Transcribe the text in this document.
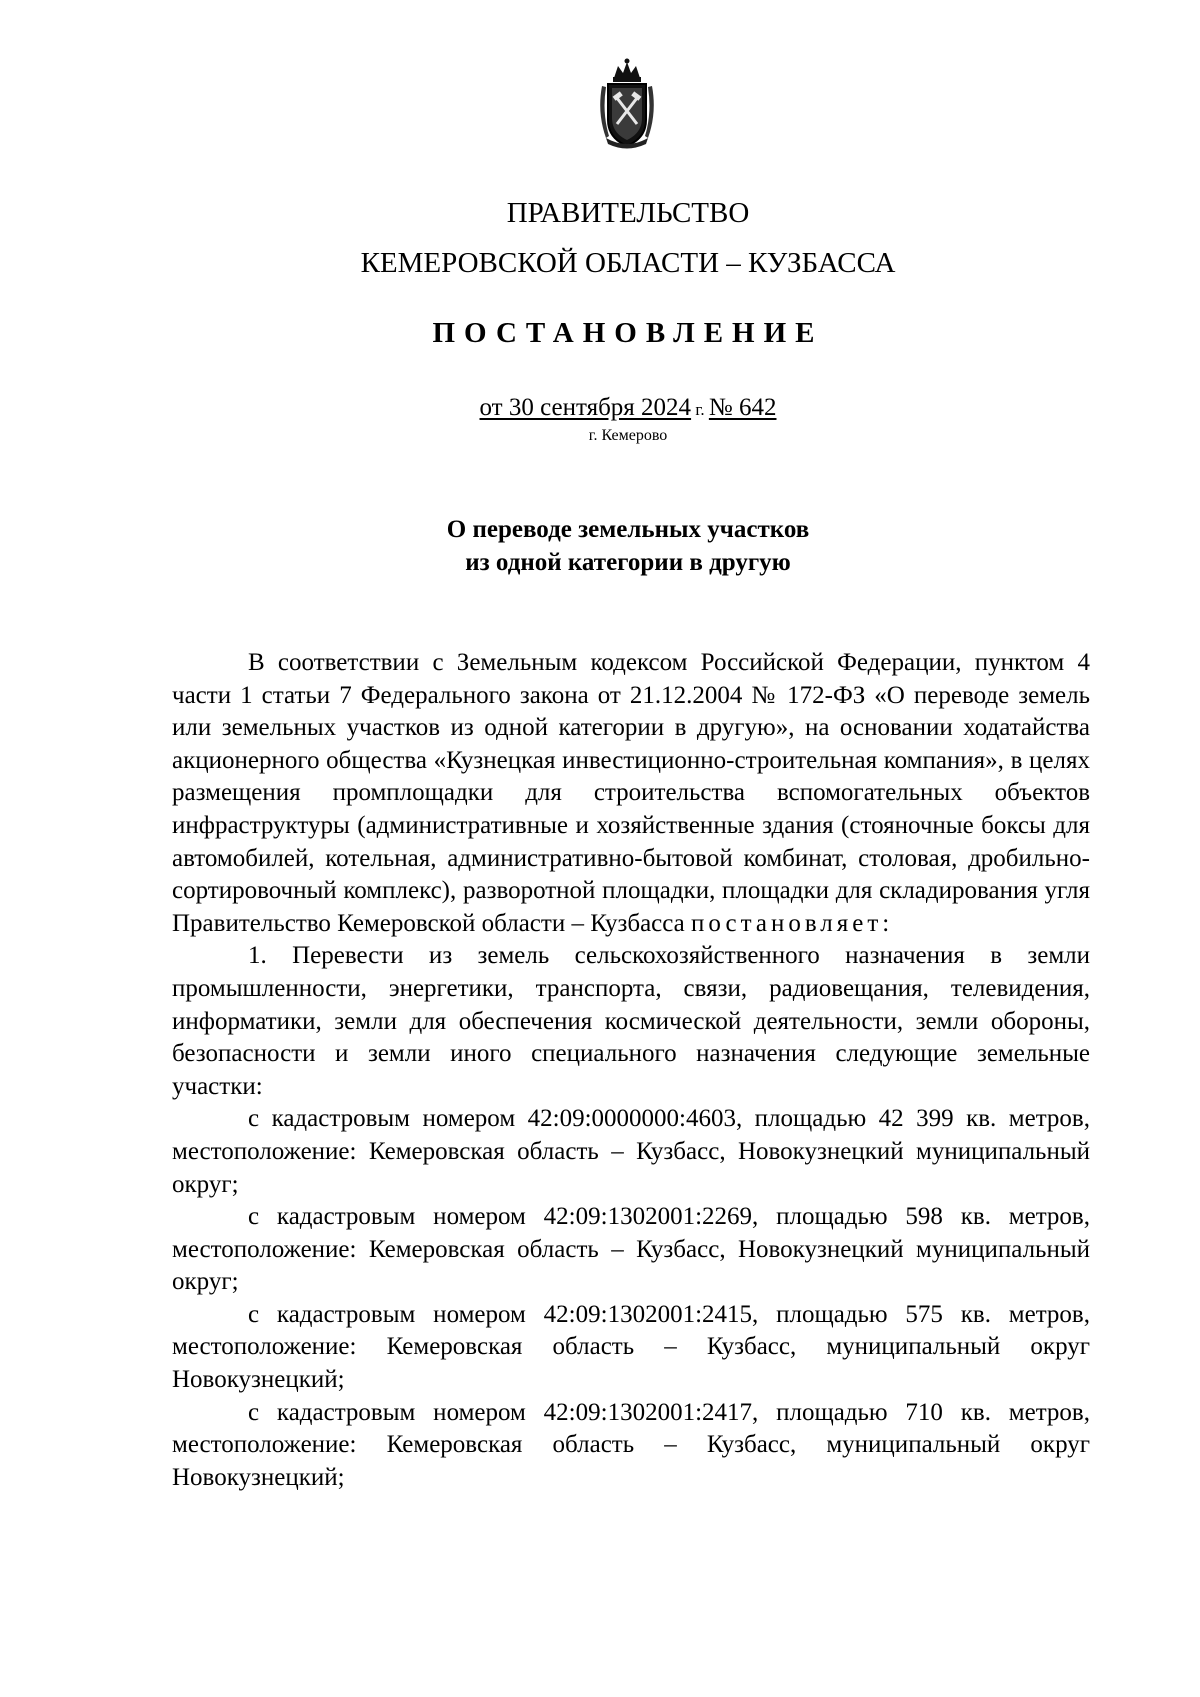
ПРАВИТЕЛЬСТВО
КЕМЕРОВСКОЙ ОБЛАСТИ – КУЗБАССА
ПОСТАНОВЛЕНИЕ
от 30 сентября 2024 г. № 642
г. Кемерово
О переводе земельных участков
из одной категории в другую

В соответствии с Земельным кодексом Российской Федерации, пунктом 4 части 1 статьи 7 Федерального закона от 21.12.2004 № 172-ФЗ «О переводе земель или земельных участков из одной категории в другую», на основании ходатайства акционерного общества «Кузнецкая инвестиционно-строительная компания», в целях размещения промплощадки для строительства вспомогательных объектов инфраструктуры (административные и хозяйственные здания (стояночные боксы для автомобилей, котельная, административно-бытовой комбинат, столовая, дробильно-сортировочный комплекс), разворотной площадки, площадки для складирования угля Правительство Кемеровской области – Кузбасса постановляет:

1. Перевести из земель сельскохозяйственного назначения в земли промышленности, энергетики, транспорта, связи, радиовещания, телевидения, информатики, земли для обеспечения космической деятельности, земли обороны, безопасности и земли иного специального назначения следующие земельные участки:

с кадастровым номером 42:09:0000000:4603, площадью 42 399 кв. метров, местоположение: Кемеровская область – Кузбасс, Новокузнецкий муниципальный округ;

с кадастровым номером 42:09:1302001:2269, площадью 598 кв. метров, местоположение: Кемеровская область – Кузбасс, Новокузнецкий муниципальный округ;

с кадастровым номером 42:09:1302001:2415, площадью 575 кв. метров, местоположение: Кемеровская область – Кузбасс, муниципальный округ Новокузнецкий;

с кадастровым номером 42:09:1302001:2417, площадью 710 кв. метров, местоположение: Кемеровская область – Кузбасс, муниципальный округ Новокузнецкий;
